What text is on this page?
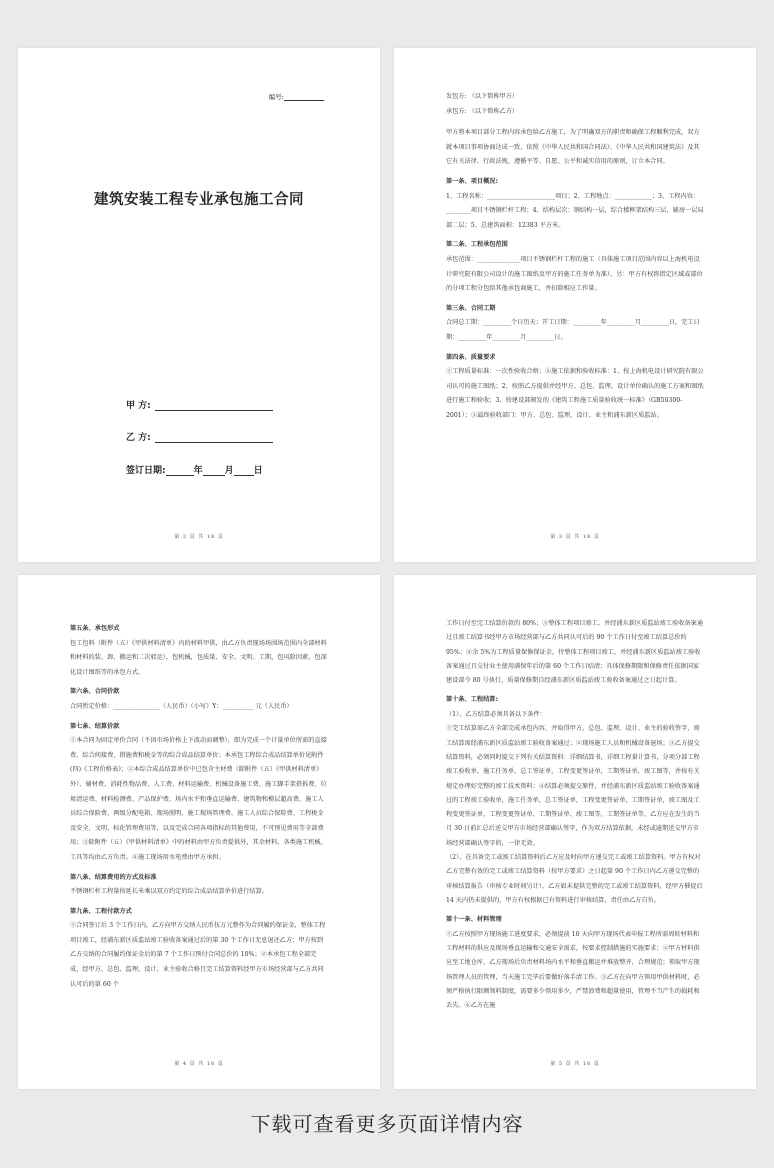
编号:
建筑安装工程专业承包施工合同
甲 方:
乙 方:
签订日期:	年 月 日
第 2 页 共 18 页

发包方: （以下简称甲方）

承包方: （以下简称乙方）

甲方将本项目部分工程内容承包给乙方施工，为了明确双方的职责和确保工程顺利完成，双方就本项目事项协商达成一致，依照《中华人民共和国合同法》、《中华人民共和国建筑法》及其它有关法律、行政法规，遵循平等、自愿、公平和诚实信用的原则，订立本合同。

第一条、项目概况:

1、工程名称：______________________项目；2、工程地点：____________；3、工程内容：________项目不锈钢栏杆工程；4、结构层次：钢结构一层，综合楼框架结构三层，辅房一层局部二层；5、总建筑面积：12383 平方米。

第二条、工程承包范围

承包范围：______________项目不锈钢栏杆工程的施工（具体施工项目范围内容以上海机电设计研究院有限公司设计的施工图纸及甲方的施工任务单为准）。另：甲方有权将指定区域或部位的分项工程分包给其他承包商施工，并扣除相应工作量。

第三条、合同工期

合同总工期：_________个日历天；开工日期：_________年_________月_________日，完工日期：_________年_________月_________日。

第四条、质量要求

①工程质量标准：一次性验收合格；②施工依据和验收标准：1、按上海机电设计研究院有限公司认可的施工图纸；2、按照乙方提供并经甲方、总包、监理、设计单位确认的施工方案和图纸进行施工和验收；3、按建设部颁发的《建筑工程施工质量验收统一标准》（GB50300-2001）；③最终验收部门：甲方、总包、监理、设计、业主和浦东新区质监站。

第 3 页 共 18 页
第五条、承包形式

包工包料（附件（五）《甲供材料清单》内的材料甲供，由乙方负责现场场围场范围内全部材料和材料的装、卸、搬运和二次驳运），包机械，包质量、安全、文明、工期，包风险因素、包深化设计图纸等的承包方式。

第六条、合同价款

合同暂定价格：_______________（人民币）（小写）Y：__________ 元（人民币）

第七条、结算价款

①本合同为固定单价合同（不因市场价格上下波动而调整），即为完成一个计量单位所需的直接费、综合间接费、措施费和税金等的综合成品结算单价；本承包工程综合成品结算单价见附件(四)《工程价格表》；②本综合成品结算单价中已包含主材费（除附件（五）《甲供材料清单》外）、辅材费、消耗性物品费、人工费、材料运输费、机械设备施工费、施工脚手架搭拆费、垃圾清运费、材料检测费、产品保护费、场内水平和垂直运输费、建筑物和模层超高费、施工人员综合保险费、两级分配电箱、现场照明、施工现场管理费、施工人员综合保险费、工程税金及安全、文明、标化管理费用等，以及完成合同各项指标的其他费用，不可预见费用等全部费用；③除附件（五）《甲供材料清单》中的材料由甲方负责提供外，其余材料、各类施工机械、工具等均由乙方负责。④施工现场用水电费由甲方承担。

第八条、结算费用的方式及标准

不锈钢栏杆工程量按延长米乘以双方约定的综合成品结算单价进行结算。

第九条、工程付款方式

①合同签订后 3 个工作日内，乙方向甲方交纳人民币伍万元整作为合同履约保证金，整体工程项目竣工，经浦东新区质监站竣工验收备案通过后的第 30 个工作日无息退还乙方；甲方按到乙方交纳的合同履约保证金后的第 7 个工作日预付合同总价的 10%；②本承包工程全部完成，经甲方、总包、监理、设计、业主验收合格且完工结算资料经甲方市场经营部与乙方共同认可后的第 60 个

第 4 页 共 18 页

工作日付至完工结算价款的 80%；③整体工程项目竣工，并经浦东新区质监站竣工验收备案通过且竣工结算书经甲方市场经营部与乙方共同认可后的 90 个工作日付至竣工结算总价的 95%；④余 5%为工程质量保修保证金，待整体工程项目竣工，并经浦东新区质监站竣工验收备案通过且交付业主使用满保年后的第 60 个工作日结清；具体保修期限和保修责任依据国家建设部令 80 号执行，质量保修期自经浦东新区质监站竣工验收备案通过之日起计算。

第十条、工程结算:

（1）、乙方结算必须具备以下条件：

①完工结算需乙方全部完成承包内容，并取得甲方、总包、监理、设计、业主的验收签字，竣工结算需经浦东新区质监站竣工验收备案通过；②现场施工人员和机械设备退场；③乙方提交结算资料，必须同时提交下列有关结算资料：详细结算书，详细工程量计算书，分项分部工程竣工验收单，施工任务单，总工签证单，工程变更签证单，工期签证单，竣工图等，并按有关规定办理好完整的竣工技术资料；④结算必须提交原件，并经浦东新区质监站竣工验收备案通过的工程竣工验收单，施工任务单，总工签证单，工程变更签证单，工期签证单，竣工图及工程变更签证单，工程变更签证单、工期签证单、竣工图等，工期签证单等，乙方应在发生的当月 30 日前汇总后送交甲方市场经营部确认签字，作为双方结算依据，未经或逾期送交甲方市场经营部确认签字的，一律无效。

（2）、在具备完工或竣工结算资料后乙方应及时向甲方递交完工或竣工结算资料。甲方有权对乙方完整有效的完工或竣工结算资料（按甲方要求）之日起第 90 个工作日内乙方递交完整的审核结算报告（审核专业时间另计），乙方如未提供完整的完工或竣工结算资料，经甲方催促后14 天内仍未提供的，甲方有权根据已有资料进行审核结算，责任由乙方自负。

第十一条、材料管理

①乙方按照甲方现场施工进度要求，必须提前 10 天向甲方现场代表申报工程所需周转材料和工程材料的供应及现场垂直运输和交通安全需求，按要求控制措施的实施要求；②甲方材料供应至工地仓库，乙方现场后负责材料场内水平和垂直搬运并堆放整齐，合理规范；领取甲方现场管理人员的管理，当天施工完毕后要做好落手清工作。③乙方在向甲方领用甲供材料时，必须严格执行限额领料制度，需要多少领用多少，严禁浪费和超量使用，管理不当产生的损耗和丢失。④乙方在施

第 5 页 共 18 页
下载可查看更多页面详情内容
